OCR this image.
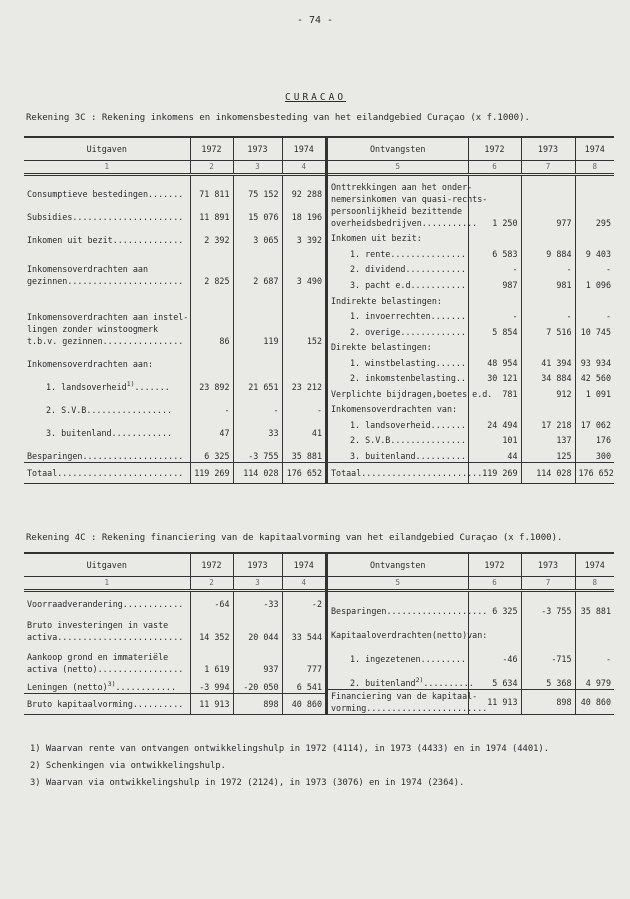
- 74 -
CURACAO
Rekening 3C : Rekening inkomens en inkomensbesteding van het eilandgebied Curaçao (x f.1000).
Uitgaven	1972	1973	1974
1	2	3	4
Consumptieve bestedingen.......	71 811	75 152	92 288
Subsidies......................	11 891	15 076	18 196
Inkomen uit bezit..............	2 392	3 065	3 392
Inkomensoverdrachten aan
gezinnen.......................	2 825	2 687	3 490
Inkomensoverdrachten aan instel-
lingen zonder winstoogmerk
t.b.v. gezinnen................	86	119	152
Inkomensoverdrachten aan:			
1. landsoverheid$^{1)}$.......	23 892	21 651	23 212
2. S.V.B.................	-	-	-
3. buitenland............	47	33	41
Besparingen....................	6 325	-3 755	35 881

Totaal.........................	119 269	114 028	176 652
Ontvangsten	1972	1973	1974
5	6	7	8
Onttrekkingen aan het onder-
nemersinkomen van quasi-rechts-
persoonlijkheid bezittende
overheidsbedrijven...........	1 250	977	295
Inkomen uit bezit:			
1. rente...............	6 583	9 884	9 403
2. dividend............	-	-	-
3. pacht e.d...........	987	981	1 096
Indirekte belastingen:			
1. invoerrechten.......	-	-	-
2. overige.............	5 854	7 516	10 745
Direkte belastingen:			
1. winstbelasting......	48 954	41 394	93 934
2. inkomstenbelasting..	30 121	34 884	42 560
Verplichte bijdragen,boetes e.d.	781	912	1 091
Inkomensoverdrachten van:			
1. landsoverheid.......	24 494	17 218	17 062
2. S.V.B...............	101	137	176
3. buitenland..........	44	125	300

Totaal.........................	119 269	114 028	176 652
Rekening 4C : Rekening financiering van de kapitaalvorming van het eilandgebied Curaçao (x f.1000).
Uitgaven	1972	1973	1974
1	2	3	4
Voorraadverandering............	-64	-33	-2
Bruto investeringen in vaste
activa.........................	14 352	20 044	33 544
Aankoop grond en immateriële
activa (netto).................	1 619	937	777
Leningen (netto)$^{3)}$............	-3 994	-20 050	6 541

Bruto kapitaalvorming..........	11 913	898	40 860
Ontvangsten	1972	1973	1974
5	6	7	8
Besparingen....................	6 325	-3 755	35 881
Kapitaaloverdrachten(netto)van:			
1. ingezetenen.........	-46	-715	-
2. buitenland$^{2)}$..........	5 634	5 368	4 979

Financiering van de kapitaal-
vorming........................	11 913	898	40 860
1) Waarvan rente van ontvangen ontwikkelingshulp in 1972 (4114), in 1973 (4433) en in 1974 (4401).
2) Schenkingen via ontwikkelingshulp.
3) Waarvan via ontwikkelingshulp in 1972 (2124), in 1973 (3076) en in 1974 (2364).
